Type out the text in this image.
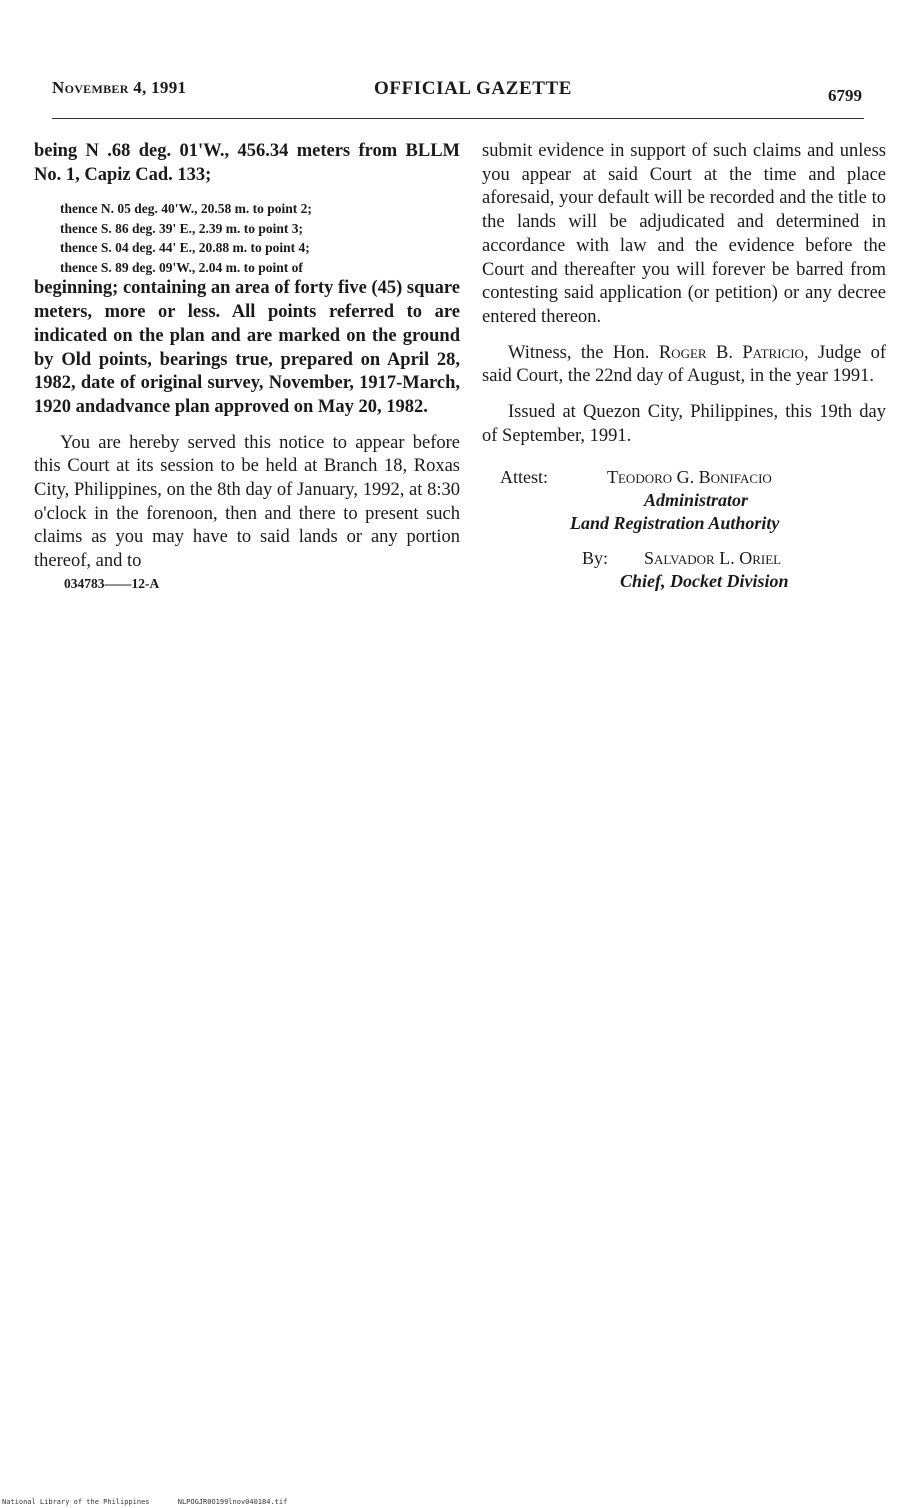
November 4, 1991	OFFICIAL GAZETTE	6799

being N .68 deg. 01'W., 456.34 meters from BLLM No. 1, Capiz Cad. 133;

thence N. 05 deg. 40'W., 20.58 m. to point 2;

thence S. 86 deg. 39' E., 2.39 m. to point 3;

thence S. 04 deg. 44' E., 20.88 m. to point 4;

thence S. 89 deg. 09'W., 2.04 m. to point of

beginning; containing an area of forty five (45) square meters, more or less. All points referred to are indicated on the plan and are marked on the ground by Old points, bearings true, prepared on April 28, 1982, date of original survey, November, 1917-March, 1920 andadvance plan approved on May 20, 1982.

You are hereby served this notice to appear before this Court at its session to be held at Branch 18, Roxas City, Philippines, on the 8th day of January, 1992, at 8:30 o'clock in the forenoon, then and there to present such claims as you may have to said lands or any portion thereof, and to

034783——12-A

submit evidence in support of such claims and unless you appear at said Court at the time and place aforesaid, your default will be recorded and the title to the lands will be adjudicated and determined in accordance with law and the evidence before the Court and thereafter you will forever be barred from contesting said application (or petition) or any decree entered thereon.

Witness, the Hon. Roger B. Patricio, Judge of said Court, the 22nd day of August, in the year 1991.

Issued at Quezon City, Philippines, this 19th day of September, 1991.

Attest:	Teodoro G. Bonifacio
Administrator
Land Registration Authority
By: Salvador L. Oriel
Chief, Docket Division
National Library of the Philippines	NLPOGJR0O199lnov040184.tif
